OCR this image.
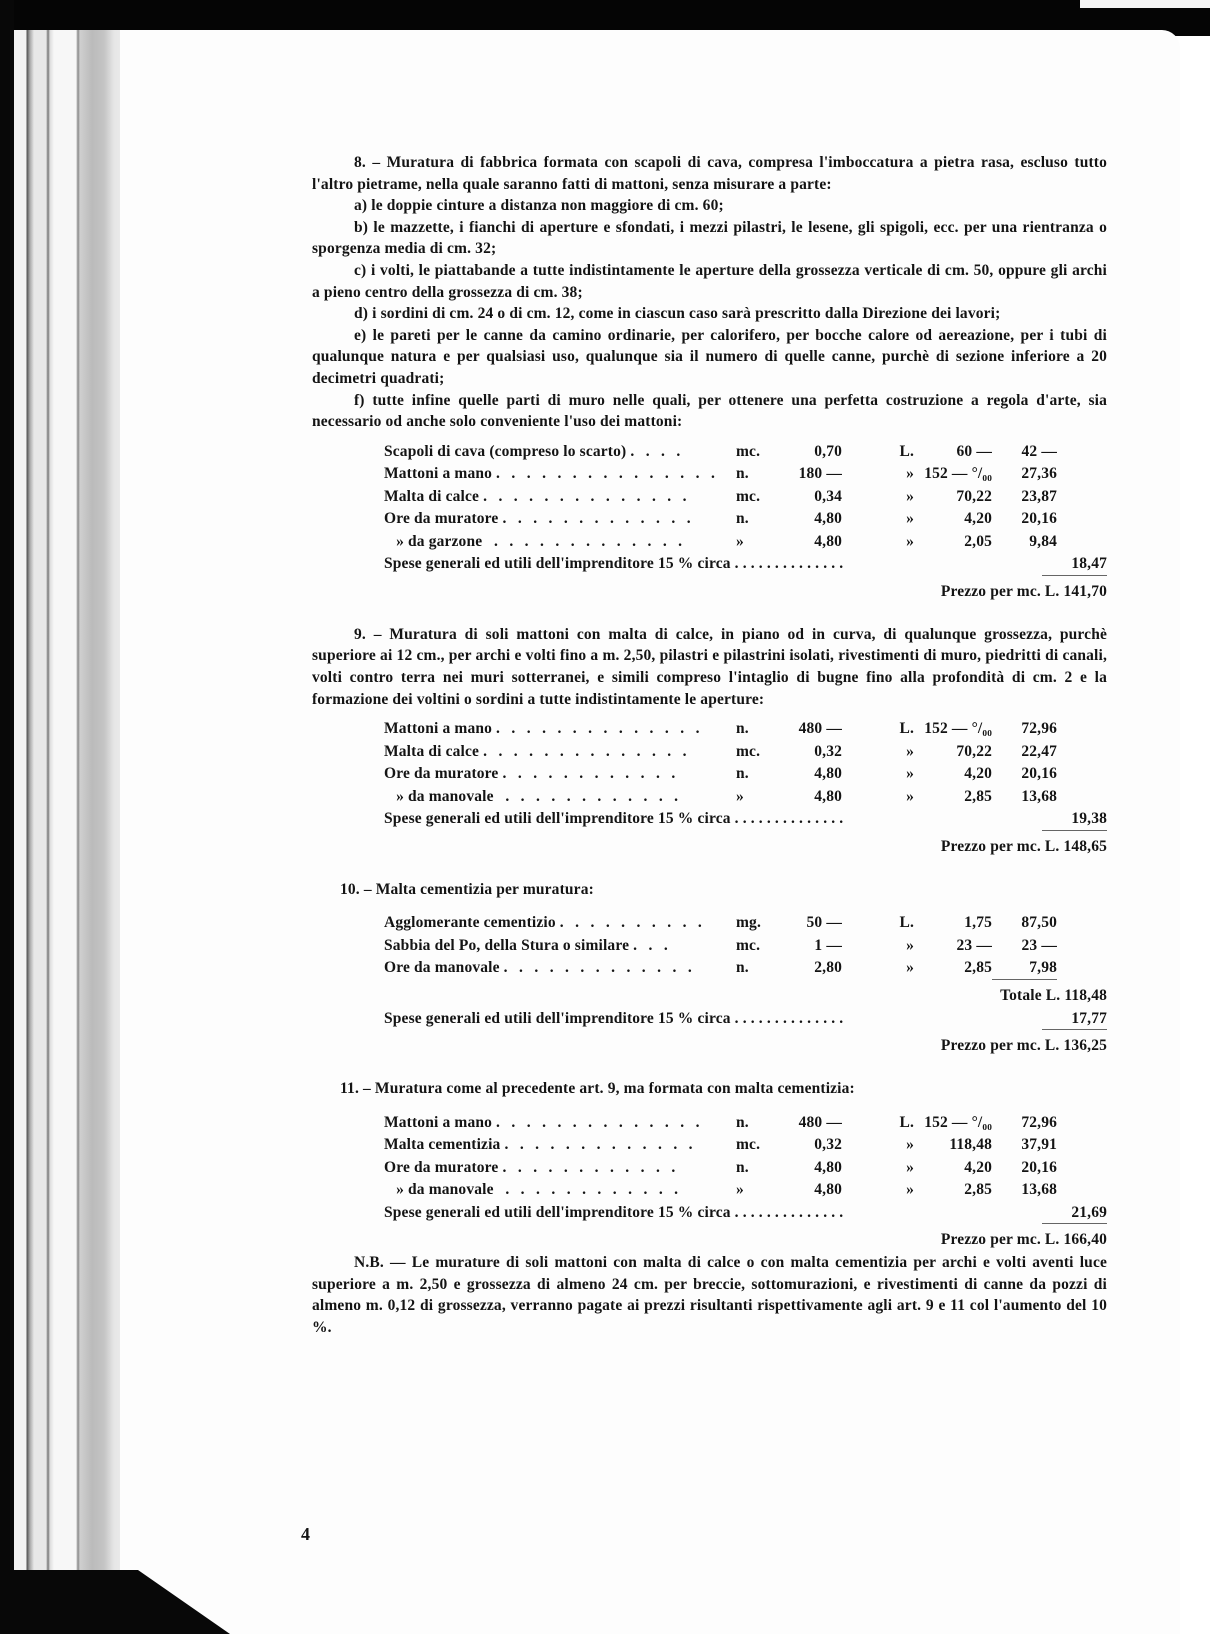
8. – Muratura di fabbrica formata con scapoli di cava, compresa l'imboccatura a pietra rasa, escluso tutto l'altro pietrame, nella quale saranno fatti di mattoni, senza misurare a parte:

a) le doppie cinture a distanza non maggiore di cm. 60;

b) le mazzette, i fianchi di aperture e sfondati, i mezzi pilastri, le lesene, gli spigoli, ecc. per una rientranza o sporgenza media di cm. 32;

c) i volti, le piattabande a tutte indistintamente le aperture della grossezza verticale di cm. 50, oppure gli archi a pieno centro della grossezza di cm. 38;

d) i sordini di cm. 24 o di cm. 12, come in ciascun caso sarà prescritto dalla Direzione dei lavori;

e) le pareti per le canne da camino ordinarie, per calorifero, per bocche calore od aereazione, per i tubi di qualunque natura e per qualsiasi uso, qualunque sia il numero di quelle canne, purchè di sezione inferiore a 20 decimetri quadrati;

f) tutte infine quelle parti di muro nelle quali, per ottenere una perfetta costruzione a regola d'arte, sia necessario od anche solo conveniente l'uso dei mattoni:

Scapoli di cava (compreso lo scarto) . . . .	mc.	0,70	L.	60 —	42 —
Mattoni a mano . . . . . . . . . . . . . . .	n.	180 —	» 152 — °/₀₀	27,36
Malta di calce . . . . . . . . . . . . . .	mc.	0,34	»	70,22	23,87
Ore da muratore . . . . . . . . . . . . .	n.	4,80	»	4,20	20,16
» da garzone  . . . . . . . . . . . . .	»	4,80	»	2,05	9,84
Spese generali ed utili dell'imprenditore 15 % circa . . . . . . . . . . . . . .	18,47
Prezzo per mc. L. 141,70

9. – Muratura di soli mattoni con malta di calce, in piano od in curva, di qualunque grossezza, purchè superiore ai 12 cm., per archi e volti fino a m. 2,50, pilastri e pilastrini isolati, rivestimenti di muro, piedritti di canali, volti contro terra nei muri sotterranei, e simili compreso l'intaglio di bugne fino alla profondità di cm. 2 e la formazione dei voltini o sordini a tutte indistintamente le aperture:

Mattoni a mano . . . . . . . . . . . . . .	n.	480 —	L. 152 — °/₀₀	72,96
Malta di calce . . . . . . . . . . . . . .	mc.	0,32	»	70,22	22,47
Ore da muratore . . . . . . . . . . . .	n.	4,80	»	4,20	20,16
» da manovale  . . . . . . . . . . . .	»	4,80	»	2,85	13,68
Spese generali ed utili dell'imprenditore 15 % circa . . . . . . . . . . . . . .	19,38
Prezzo per mc. L. 148,65

10. – Malta cementizia per muratura:

Agglomerante cementizio . . . . . . . . . .	mg.	50 —	L.	1,75	87,50
Sabbia del Po, della Stura o similare . . .	mc.	1 —	»	23 —	23 —
Ore da manovale . . . . . . . . . . . . .	n.	2,80	»	2,85	7,98
Totale L. 118,48
Spese generali ed utili dell'imprenditore 15 % circa . . . . . . . . . . . . . .	17,77
Prezzo per mc. L. 136,25

11. – Muratura come al precedente art. 9, ma formata con malta cementizia:

Mattoni a mano . . . . . . . . . . . . . .	n.	480 —	L. 152 — °/₀₀	72,96
Malta cementizia . . . . . . . . . . . . .	mc.	0,32	»	118,48	37,91
Ore da muratore . . . . . . . . . . . .	n.	4,80	»	4,20	20,16
» da manovale  . . . . . . . . . . . .	»	4,80	»	2,85	13,68
Spese generali ed utili dell'imprenditore 15 % circa . . . . . . . . . . . . . .	21,69
Prezzo per mc. L. 166,40

N.B. — Le murature di soli mattoni con malta di calce o con malta cementizia per archi e volti aventi luce superiore a m. 2,50 e grossezza di almeno 24 cm. per breccie, sottomurazioni, e rivestimenti di canne da pozzi di almeno m. 0,12 di grossezza, verranno pagate ai prezzi risultanti rispettivamente agli art. 9 e 11 col l'aumento del 10 %.

4
